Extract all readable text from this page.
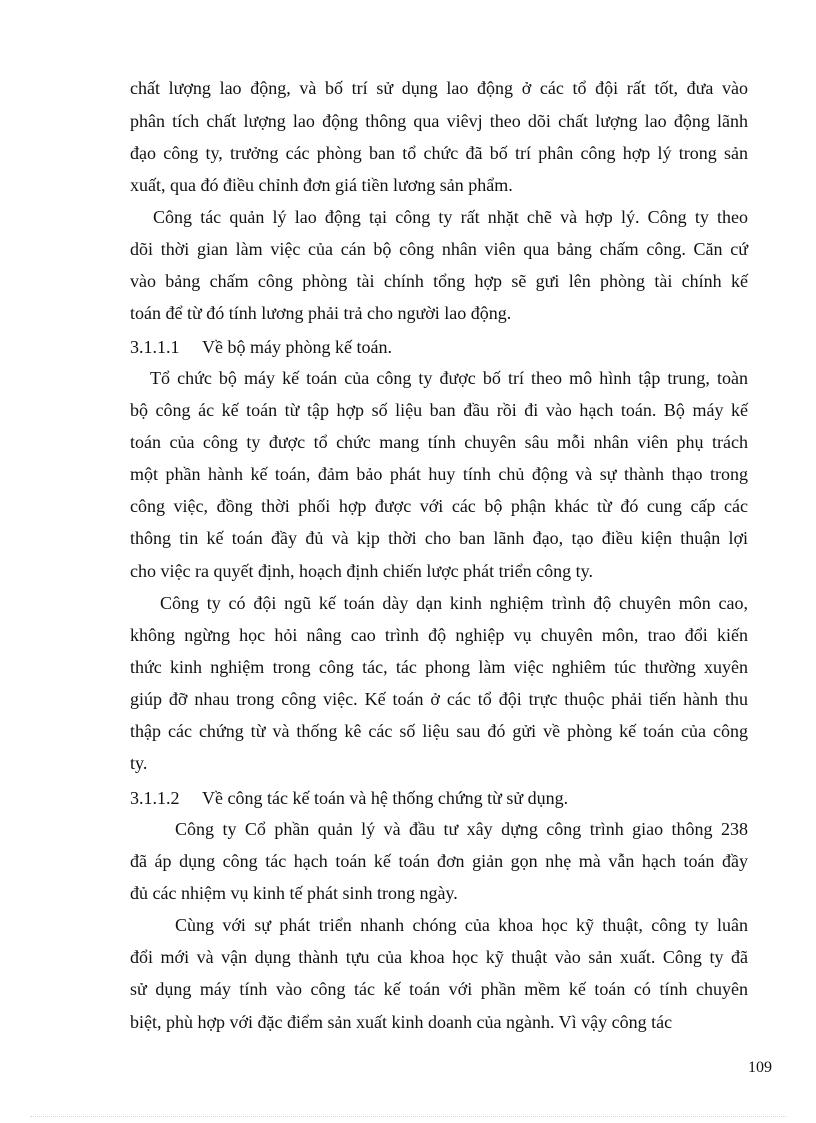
chất lượng lao động, và bố trí sử dụng lao động ở các tổ đội rất tốt, đưa vào
phân tích chất lượng lao động thông qua viêvj theo dõi chất lượng lao động lãnh
đạo công ty, trưởng các phòng ban tổ chức đã bố trí phân công hợp lý trong sản
xuất, qua đó điều chỉnh đơn giá tiền lương sản phẩm.
Công tác quản lý lao động tại công ty rất nhặt chẽ và hợp lý. Công ty theo
dõi thời gian làm việc của cán bộ công nhân viên qua bảng chấm công. Căn cứ
vào bảng chấm công phòng tài chính tổng hợp sẽ gưi lên phòng tài chính kế
toán để từ đó tính lương phải trả cho người lao động.
3.1.1.1 Về bộ máy phòng kế toán.
Tổ chức bộ máy kế toán của công ty được bố trí theo mô hình tập trung, toàn
bộ công ác kế toán từ tập hợp số liệu ban đầu rồi đi vào hạch toán. Bộ máy kế
toán của công ty được tổ chức mang tính chuyên sâu mỗi nhân viên phụ trách
một phần hành kế toán, đảm bảo phát huy tính chủ động và sự thành thạo trong
công việc, đồng thời phối hợp được với các bộ phận khác từ đó cung cấp các
thông tin kế toán đầy đủ và kịp thời cho ban lãnh đạo, tạo điều kiện thuận lợi
cho việc ra quyết định, hoạch định chiến lược phát triển công ty.
Công ty có đội ngũ kế toán dày dạn kinh nghiệm trình độ chuyên môn cao,
không ngừng học hỏi nâng cao trình độ nghiệp vụ chuyên môn, trao đổi kiến
thức kinh nghiệm trong công tác, tác phong làm việc nghiêm túc thường xuyên
giúp đỡ nhau trong công việc. Kế toán ở các tổ đội trực thuộc phải tiến hành thu
thập các chứng từ và thống kê các số liệu sau đó gửi về phòng kế toán của công
ty.
3.1.1.2 Về công tác kế toán và hệ thống chứng từ sử dụng.
Công ty Cổ phần quản lý và đầu tư xây dựng công trình giao thông 238
đã áp dụng công tác hạch toán kế toán đơn giản gọn nhẹ mà vẫn hạch toán đầy
đủ các nhiệm vụ kinh tế phát sinh trong ngày.
Cùng với sự phát triển nhanh chóng của khoa học kỹ thuật, công ty luân
đổi mới và vận dụng thành tựu của khoa học kỹ thuật vào sản xuất. Công ty đã
sử dụng máy tính vào công tác kế toán với phần mềm kế toán có tính chuyên
biệt, phù hợp với đặc điểm sản xuất kinh doanh của ngành. Vì vậy công tác
109
